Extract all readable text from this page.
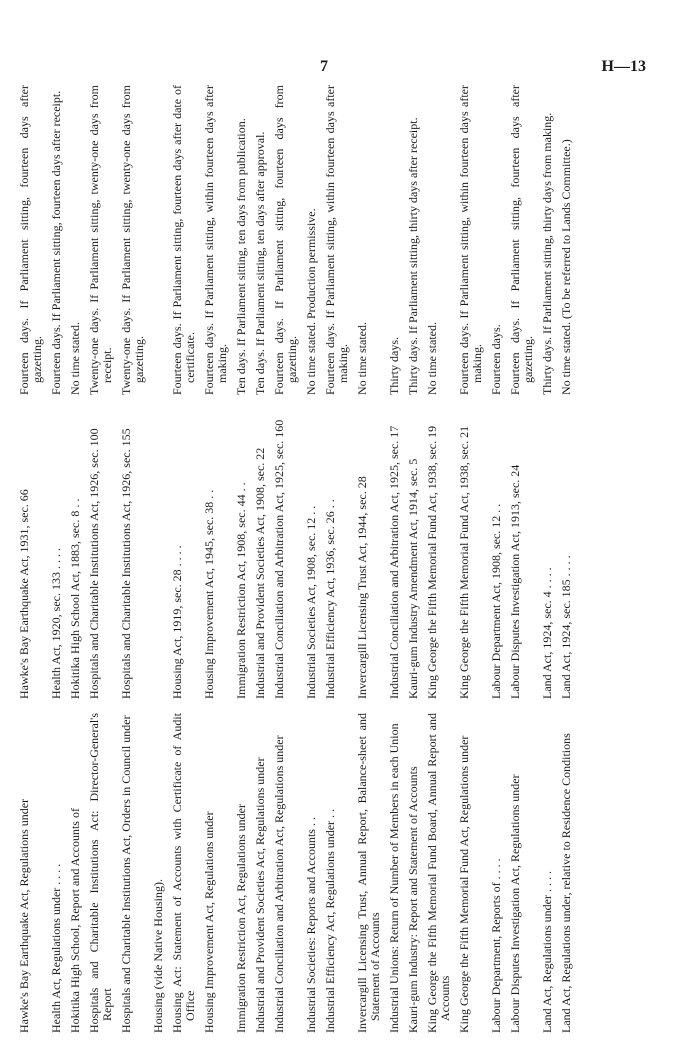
7	H—13
Hawke's Bay Earthquake Act, Regulations under
Hawke's Bay Earthquake Act, 1931, sec. 66
Fourteen days. If Parliament sitting, fourteen days after gazetting.
Health Act, Regulations under . . . .
Health Act, 1920, sec. 133 . . . .
Fourteen days. If Parliament sitting, fourteen days after receipt.
Hokitika High School, Report and Accounts of
Hokitika High School Act, 1883, sec. 8 . .
No time stated.
Hospitals and Charitable Institutions Act: Director-General's Report
Hospitals and Charitable Institutions Act, 1926, sec. 100
Twenty-one days. If Parliament sitting, twenty-one days from receipt.
Hospitals and Charitable Institutions Act, Orders in Council under
Hospitals and Charitable Institutions Act, 1926, sec. 155
Twenty-one days. If Parliament sitting, twenty-one days from gazetting.
Housing (vide Native Housing). Housing Act: Statement of Accounts with Certificate of Audit Office
Housing Act, 1919, sec. 28 . . . .
Fourteen days. If Parliament sitting, fourteen days after date of certificate.
Housing Improvement Act, Regulations under
Housing Improvement Act, 1945, sec. 38 . .
Fourteen days. If Parliament sitting, within fourteen days after making.
Immigration Restriction Act, Regulations under
Immigration Restriction Act, 1908, sec. 44 . .
Ten days. If Parliament sitting, ten days from publication.
Industrial and Provident Societies Act, Regulations under
Industrial and Provident Societies Act, 1908, sec. 22
Ten days. If Parliament sitting, ten days after approval.
Industrial Conciliation and Arbitration Act, Regulations under
Industrial Conciliation and Arbitration Act, 1925, sec. 160
Fourteen days. If Parliament sitting, fourteen days from gazetting.
Industrial Societies: Reports and Accounts . .
Industrial Societies Act, 1908, sec. 12 . .
No time stated. Production permissive.
Industrial Efficiency Act, Regulations under . .
Industrial Efficiency Act, 1936, sec. 26 . .
Fourteen days. If Parliament sitting, within fourteen days after making.
Invercargill Licensing Trust, Annual Report, Balance-sheet and Statement of Accounts
Invercargill Licensing Trust Act, 1944, sec. 28
No time stated.
Industrial Unions: Return of Number of Members in each Union
Industrial Conciliation and Arbitration Act, 1925, sec. 17
Thirty days.
Kauri-gum Industry: Report and Statement of Accounts
Kauri-gum Industry Amendment Act, 1914, sec. 5
Thirty days. If Parliament sitting, thirty days after receipt.
King George the Fifth Memorial Fund Board, Annual Report and Accounts
King George the Fifth Memorial Fund Act, 1938, sec. 19
No time stated.
King George the Fifth Memorial Fund Act, Regulations under
King George the Fifth Memorial Fund Act, 1938, sec. 21
Fourteen days. If Parliament sitting, within fourteen days after making.
Labour Department, Reports of . . . .
Labour Department Act, 1908, sec. 12 . .
Fourteen days.
Labour Disputes Investigation Act, Regulations under
Labour Disputes Investigation Act, 1913, sec. 24
Fourteen days. If Parliament sitting, fourteen days after gazetting.
Land Act, Regulations under . . . .
Land Act, 1924, sec. 4 . . . .
Thirty days. If Parliament sitting, thirty days from making.
Land Act, Regulations under, relative to Residence Conditions
Land Act, 1924, sec. 185 . . . .
No time stated. (To be referred to Lands Committee.)
